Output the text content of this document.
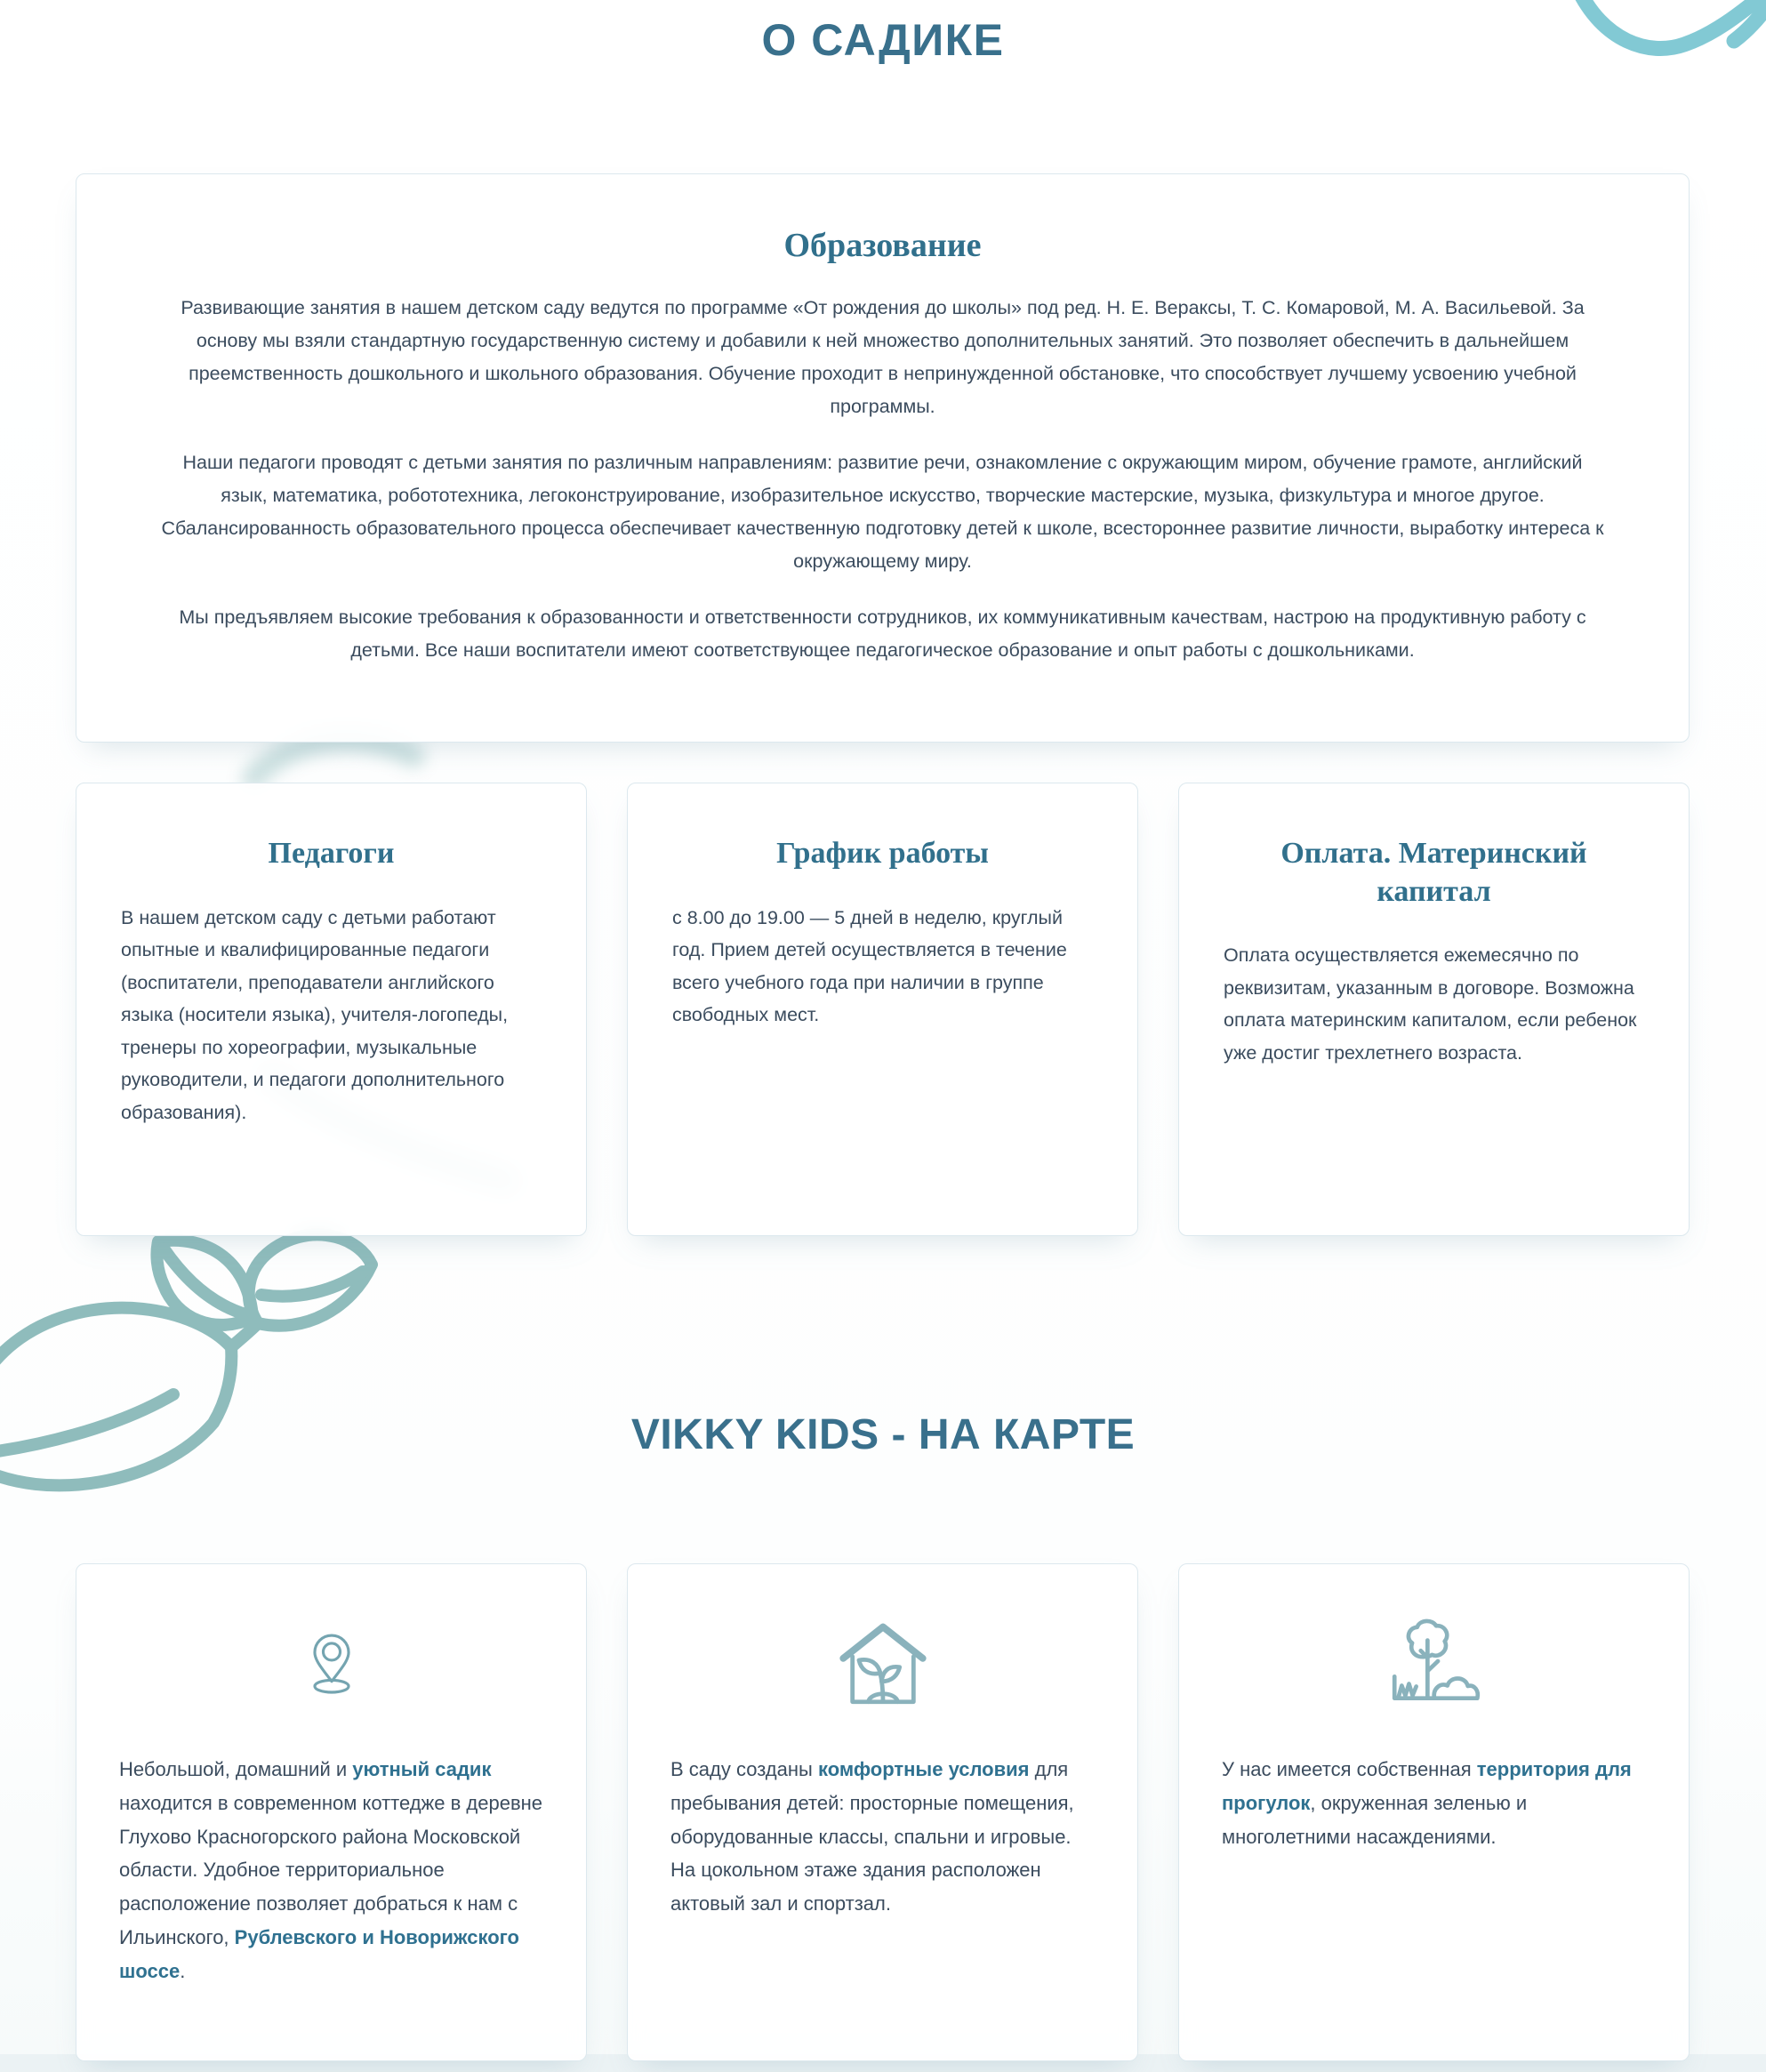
О САДИКЕ
Образование

Развивающие занятия в нашем детском саду ведутся по программе «От рождения до школы» под ред. Н. Е. Вераксы, Т. С. Комаровой, М. А. Васильевой. За основу мы взяли стандартную государственную систему и добавили к ней множество дополнительных занятий. Это позволяет обеспечить в дальнейшем преемственность дошкольного и школьного образования. Обучение проходит в непринужденной обстановке, что способствует лучшему усвоению учебной программы.

Наши педагоги проводят с детьми занятия по различным направлениям: развитие речи, ознакомление с окружающим миром, обучение грамоте, английский язык, математика, робототехника, легоконструирование, изобразительное искусство, творческие мастерские, музыка, физкультура и многое другое. Сбалансированность образовательного процесса обеспечивает качественную подготовку детей к школе, всестороннее развитие личности, выработку интереса к окружающему миру.

Мы предъявляем высокие требования к образованности и ответственности сотрудников, их коммуникативным качествам, настрою на продуктивную работу с детьми. Все наши воспитатели имеют соответствующее педагогическое образование и опыт работы с дошкольниками.

Педагоги

В нашем детском саду с детьми работают опытные и квалифицированные педагоги (воспитатели, преподаватели английского языка (носители языка), учителя-логопеды, тренеры по хореографии, музыкальные руководители, и педагоги дополнительного образования).

График работы

с 8.00 до 19.00 — 5 дней в неделю, круглый год. Прием детей осуществляется в течение всего учебного года при наличии в группе свободных мест.

Оплата. Материнский капитал

Оплата осуществляется ежемесячно по реквизитам, указанным в договоре. Возможна оплата материнским капиталом, если ребенок уже достиг трехлетнего возраста.

VIKKY KIDS - НА КАРТЕ

Небольшой, домашний и уютный садик находится в современном коттедже в деревне Глухово Красногорского района Московской области. Удобное территориальное расположение позволяет добраться к нам с Ильинского, Рублевского и Новорижского шоссе.

В саду созданы комфортные условия для пребывания детей: просторные помещения, оборудованные классы, спальни и игровые. На цокольном этаже здания расположен актовый зал и спортзал.

У нас имеется собственная территория для прогулок, окруженная зеленью и многолетними насаждениями.
